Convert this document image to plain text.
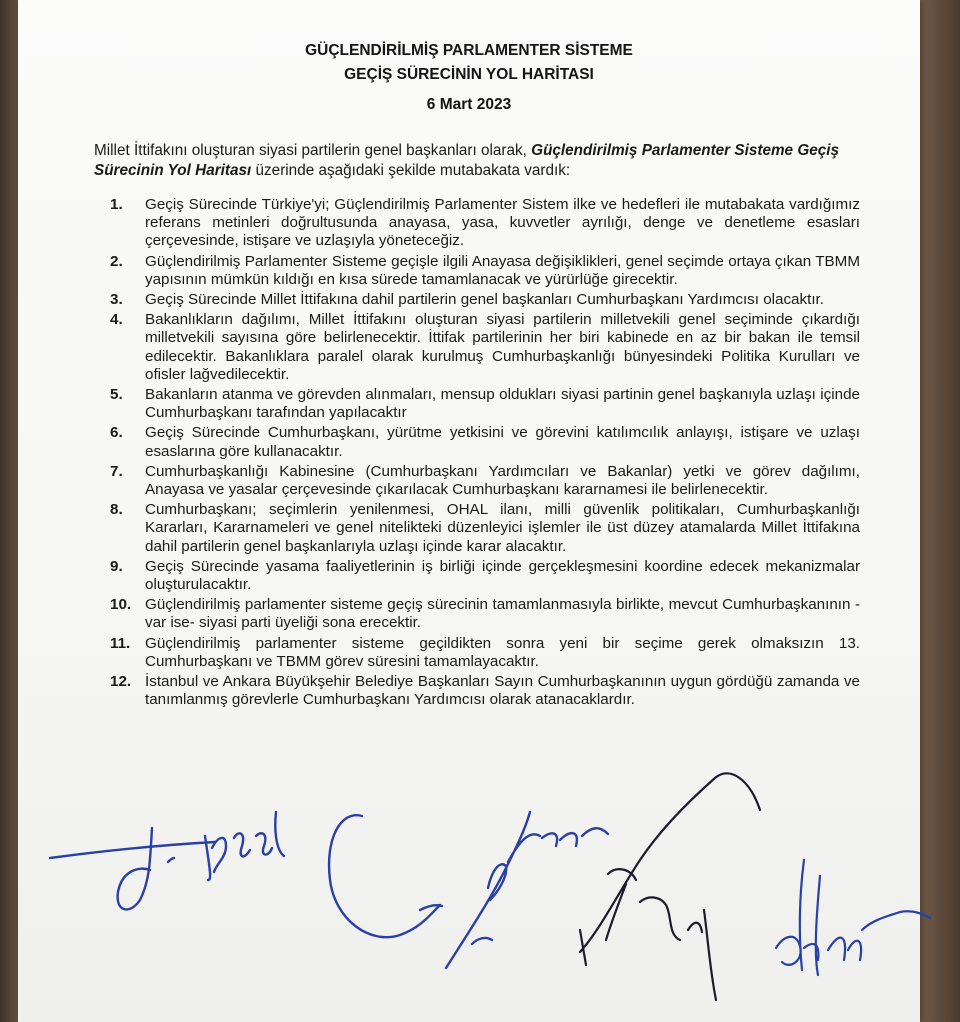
GÜÇLENDİRİLMİŞ PARLAMENTER SİSTEME
GEÇİŞ SÜRECİNİN YOL HARİTASI
6 Mart 2023

Millet İttifakını oluşturan siyasi partilerin genel başkanları olarak, Güçlendirilmiş Parlamenter Sisteme Geçiş Sürecinin Yol Haritası üzerinde aşağıdaki şekilde mutabakata vardık:

1. Geçiş Sürecinde Türkiye'yi; Güçlendirilmiş Parlamenter Sistem ilke ve hedefleri ile mutabakata vardığımız referans metinleri doğrultusunda anayasa, yasa, kuvvetler ayrılığı, denge ve denetleme esasları çerçevesinde, istişare ve uzlaşıyla yöneteceğiz.
2. Güçlendirilmiş Parlamenter Sisteme geçişle ilgili Anayasa değişiklikleri, genel seçimde ortaya çıkan TBMM yapısının mümkün kıldığı en kısa sürede tamamlanacak ve yürürlüğe girecektir.
3. Geçiş Sürecinde Millet İttifakına dahil partilerin genel başkanları Cumhurbaşkanı Yardımcısı olacaktır.
4. Bakanlıkların dağılımı, Millet İttifakını oluşturan siyasi partilerin milletvekili genel seçiminde çıkardığı milletvekili sayısına göre belirlenecektir. İttifak partilerinin her biri kabinede en az bir bakan ile temsil edilecektir. Bakanlıklara paralel olarak kurulmuş Cumhurbaşkanlığı bünyesindeki Politika Kurulları ve ofisler lağvedilecektir.
5. Bakanların atanma ve görevden alınmaları, mensup oldukları siyasi partinin genel başkanıyla uzlaşı içinde Cumhurbaşkanı tarafından yapılacaktır
6. Geçiş Sürecinde Cumhurbaşkanı, yürütme yetkisini ve görevini katılımcılık anlayışı, istişare ve uzlaşı esaslarına göre kullanacaktır.
7. Cumhurbaşkanlığı Kabinesine (Cumhurbaşkanı Yardımcıları ve Bakanlar) yetki ve görev dağılımı, Anayasa ve yasalar çerçevesinde çıkarılacak Cumhurbaşkanı kararnamesi ile belirlenecektir.
8. Cumhurbaşkanı; seçimlerin yenilenmesi, OHAL ilanı, milli güvenlik politikaları, Cumhurbaşkanlığı Kararları, Kararnameleri ve genel nitelikteki düzenleyici işlemler ile üst düzey atamalarda Millet İttifakına dahil partilerin genel başkanlarıyla uzlaşı içinde karar alacaktır.
9. Geçiş Sürecinde yasama faaliyetlerinin iş birliği içinde gerçekleşmesini koordine edecek mekanizmalar oluşturulacaktır.
10. Güçlendirilmiş parlamenter sisteme geçiş sürecinin tamamlanmasıyla birlikte, mevcut Cumhurbaşkanının -var ise- siyasi parti üyeliği sona erecektir.
11. Güçlendirilmiş parlamenter sisteme geçildikten sonra yeni bir seçime gerek olmaksızın 13. Cumhurbaşkanı ve TBMM görev süresini tamamlayacaktır.
12. İstanbul ve Ankara Büyükşehir Belediye Başkanları Sayın Cumhurbaşkanının uygun gördüğü zamanda ve tanımlanmış görevlerle Cumhurbaşkanı Yardımcısı olarak atanacaklardır.
